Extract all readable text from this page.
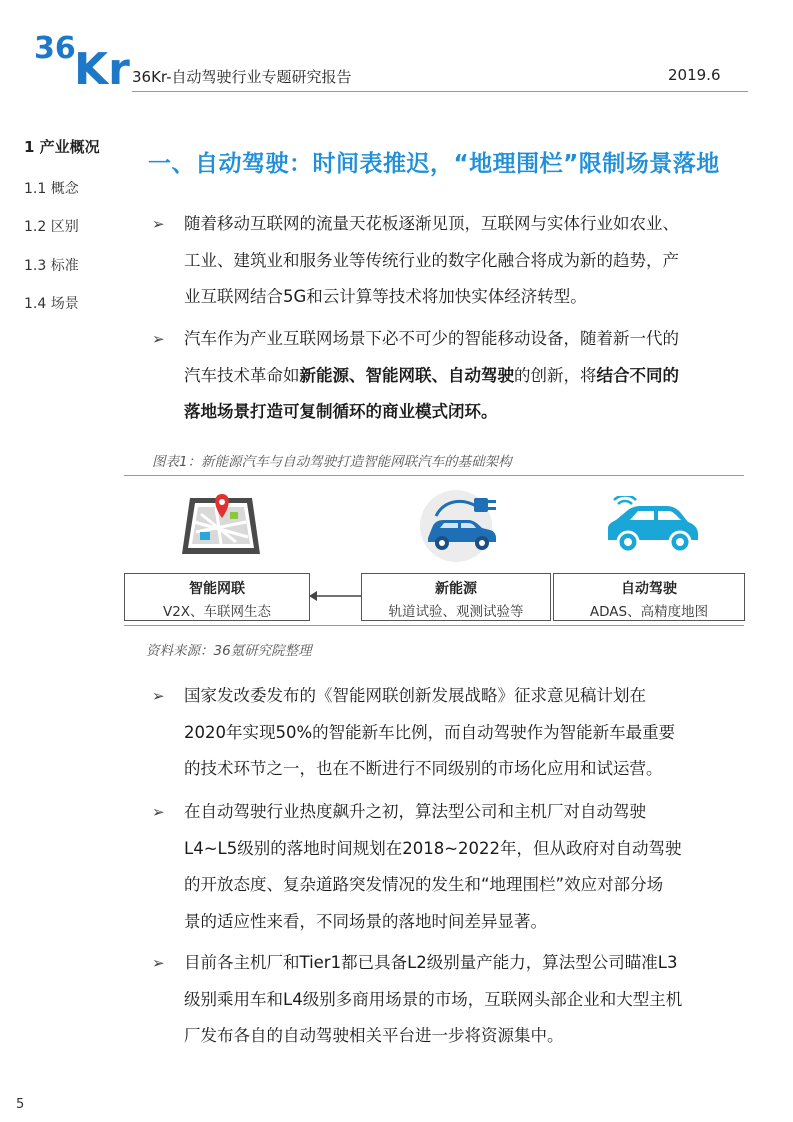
36
Kr 36Kr-自动驾驶行业专题研究报告	2019.6
1 产业概况
1.1 概念
1.2 区别
1.3 标准
1.4 场景
一、自动驾驶：时间表推迟，“地理围栏”限制场景落地
➢ 随着移动互联网的流量天花板逐渐见顶，互联网与实体行业如农业、
工业、建筑业和服务业等传统行业的数字化融合将成为新的趋势，产
业互联网结合5G和云计算等技术将加快实体经济转型。
➢ 汽车作为产业互联网场景下必不可少的智能移动设备，随着新一代的
汽车技术革命如新能源、智能网联、自动驾驶的创新，将结合不同的
落地场景打造可复制循环的商业模式闭环。
图表1：新能源汽车与自动驾驶打造智能网联汽车的基础架构
智能网联
V2X、车联网生态
新能源
轨道试验、观测试验等
自动驾驶
ADAS、高精度地图
资料来源：36氪研究院整理
➢ 国家发改委发布的《智能网联创新发展战略》征求意见稿计划在
2020年实现50%的智能新车比例，而自动驾驶作为智能新车最重要
的技术环节之一，也在不断进行不同级别的市场化应用和试运营。
➢ 在自动驾驶行业热度飙升之初，算法型公司和主机厂对自动驾驶
L4~L5级别的落地时间规划在2018~2022年，但从政府对自动驾驶
的开放态度、复杂道路突发情况的发生和“地理围栏”效应对部分场
景的适应性来看，不同场景的落地时间差异显著。
➢ 目前各主机厂和Tier1都已具备L2级别量产能力，算法型公司瞄准L3
级别乘用车和L4级别多商用场景的市场，互联网头部企业和大型主机
厂发布各自的自动驾驶相关平台进一步将资源集中。
5
